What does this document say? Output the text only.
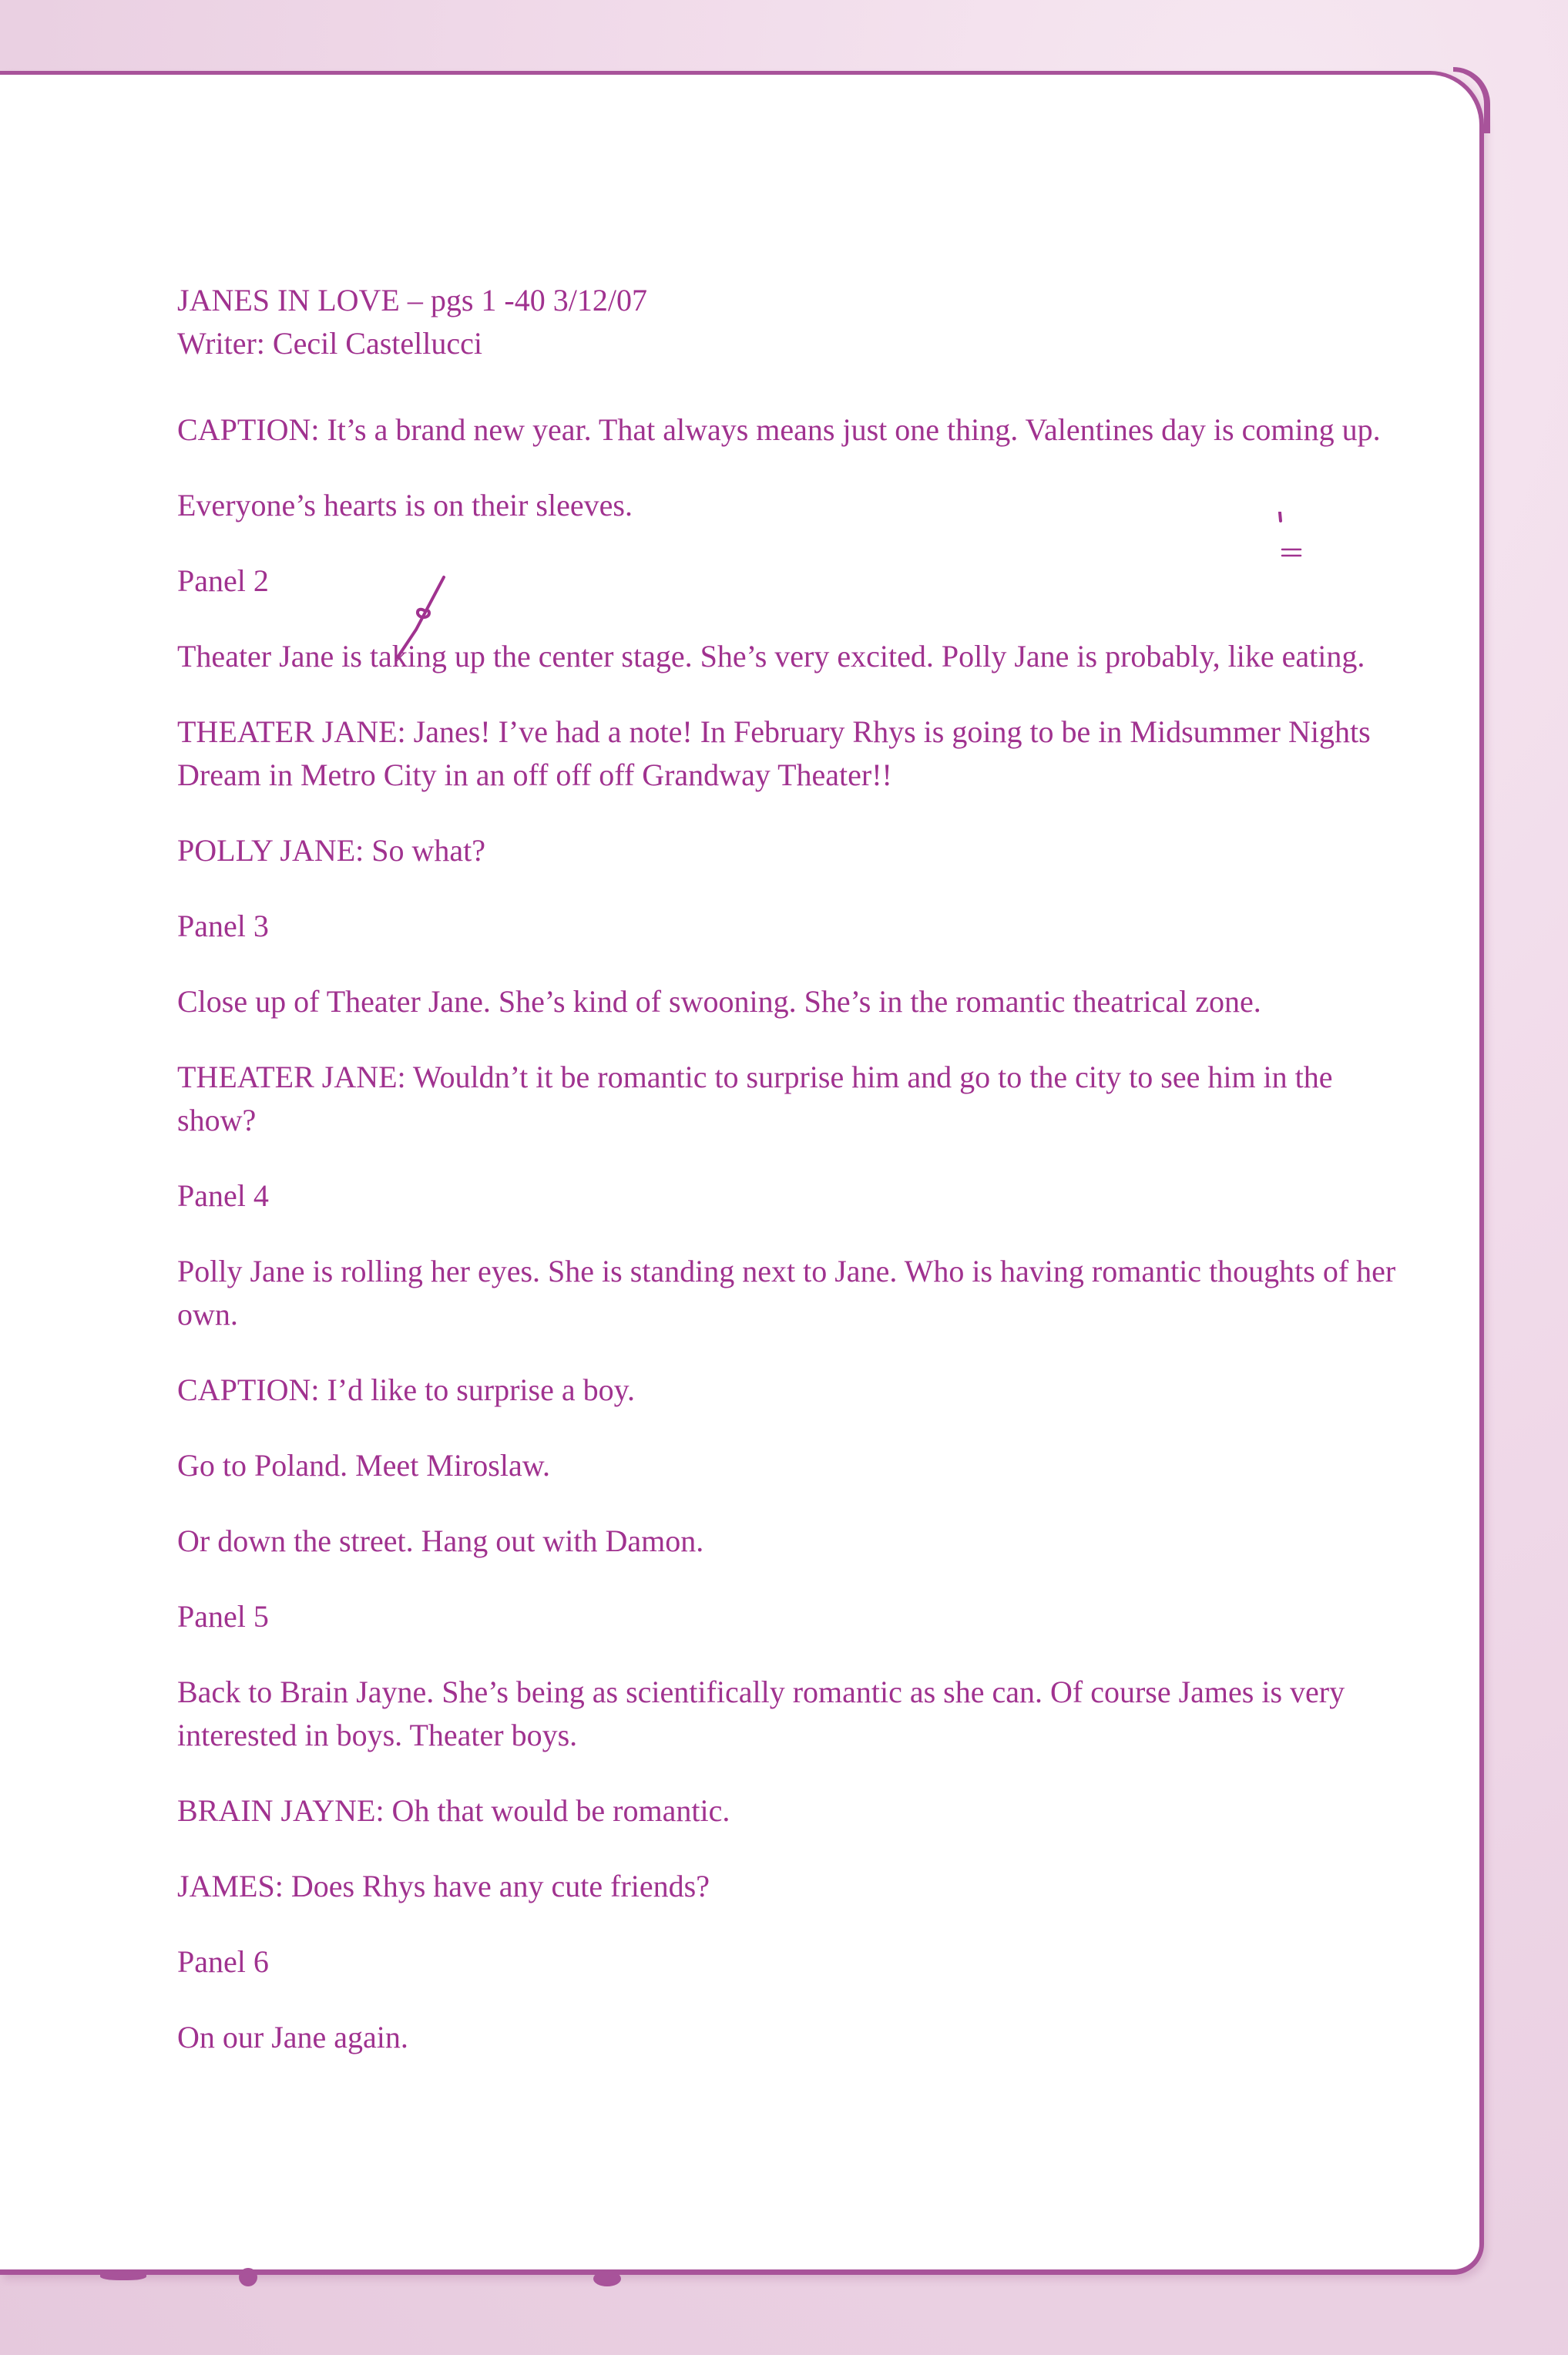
JANES IN LOVE – pgs 1 -40 3/12/07

Writer: Cecil Castellucci

CAPTION: It’s a brand new year. That always means just one thing. Valentines day is coming up.

Everyone’s hearts is on their sleeves.

Panel 2

Theater Jane is taking up the center stage. She’s very excited. Polly Jane is probably, like eating.

THEATER JANE: Janes! I’ve had a note! In February Rhys is going to be in Midsummer Nights Dream in Metro City in an off off off Grandway Theater!!

POLLY JANE: So what?

Panel 3

Close up of Theater Jane. She’s kind of swooning. She’s in the romantic theatrical zone.

THEATER JANE: Wouldn’t it be romantic to surprise him and go to the city to see him in the show?

Panel 4

Polly Jane is rolling her eyes. She is standing next to Jane. Who is having romantic thoughts of her own.

CAPTION: I’d like to surprise a boy.

Go to Poland. Meet Miroslaw.

Or down the street. Hang out with Damon.

Panel 5

Back to Brain Jayne. She’s being as scientifically romantic as she can. Of course James is very interested in boys. Theater boys.

BRAIN JAYNE: Oh that would be romantic.

JAMES: Does Rhys have any cute friends?

Panel 6

On our Jane again.
